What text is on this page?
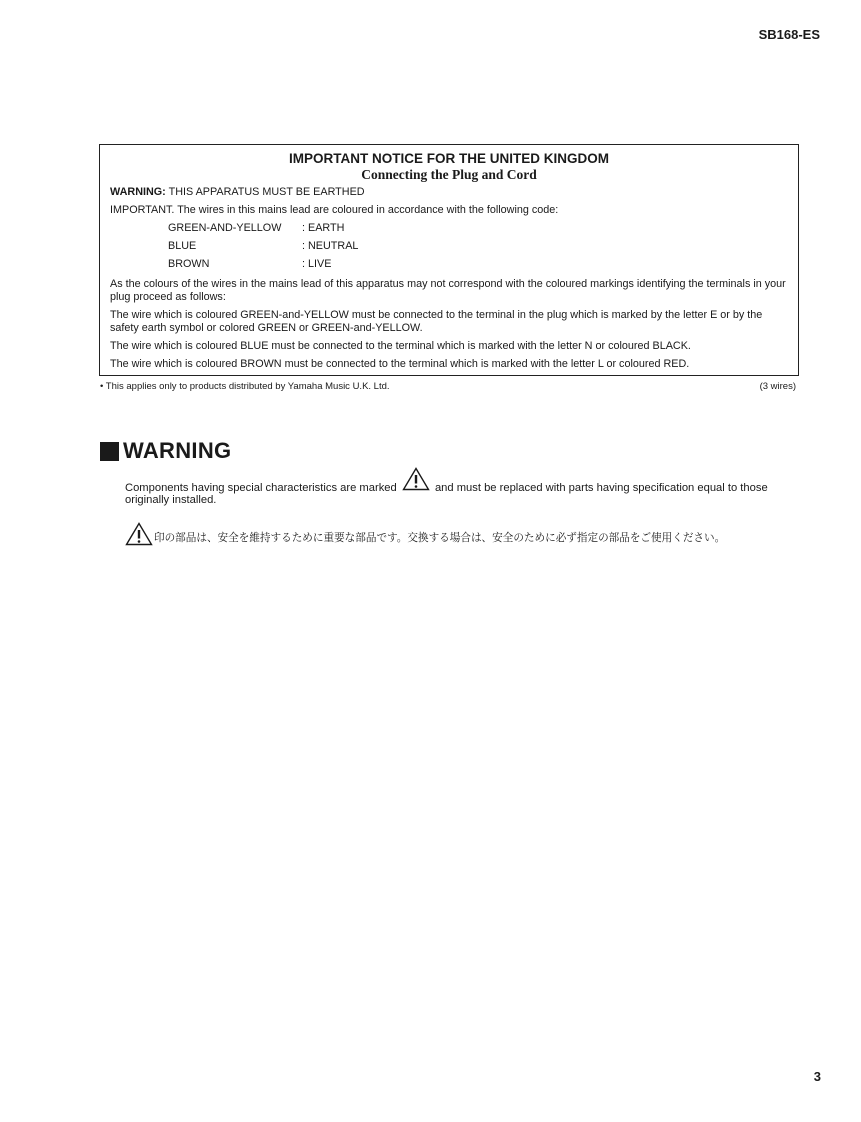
SB168-ES
IMPORTANT NOTICE FOR THE UNITED KINGDOM
Connecting the Plug and Cord

WARNING: THIS APPARATUS MUST BE EARTHED

IMPORTANT. The wires in this mains lead are coloured in accordance with the following code:

GREEN-AND-YELLOW	: EARTH
BLUE	: NEUTRAL
BROWN	: LIVE

As the colours of the wires in the mains lead of this apparatus may not correspond with the coloured markings identifying the terminals in your plug proceed as follows:

The wire which is coloured GREEN-and-YELLOW must be connected to the terminal in the plug which is marked by the letter E or by the safety earth symbol or colored GREEN or GREEN-and-YELLOW.

The wire which is coloured BLUE must be connected to the terminal which is marked with the letter N or coloured BLACK.

The wire which is coloured BROWN must be connected to the terminal which is marked with the letter L or coloured RED.

• This applies only to products distributed by Yamaha Music U.K. Ltd.	(3 wires)
WARNING
Components having special characteristics are marked	and must be replaced with parts having specification equal to those originally installed.
印の部品は、安全を維持するために重要な部品です。交換する場合は、安全のために必ず指定の部品をご使用ください。
3
